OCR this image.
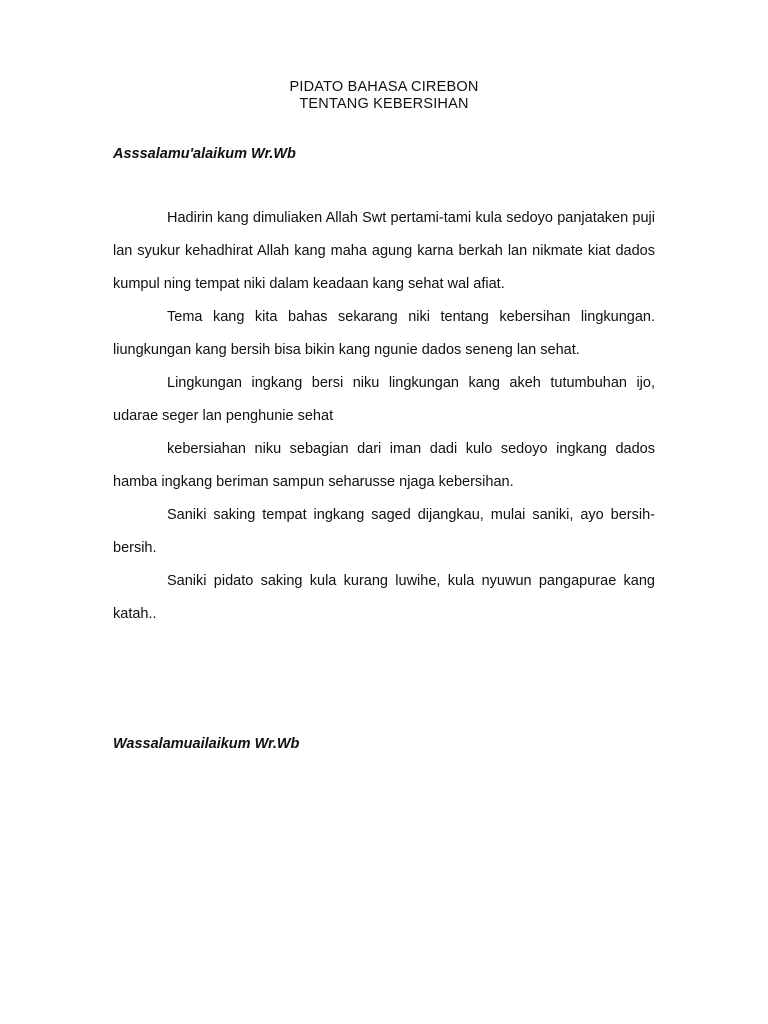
PIDATO BAHASA CIREBON
TENTANG KEBERSIHAN
Asssalamu'alaikum Wr.Wb

Hadirin kang dimuliaken Allah Swt pertami-tami kula sedoyo panjataken puji lan syukur kehadhirat Allah kang maha agung karna berkah lan nikmate kiat dados kumpul ning tempat niki dalam keadaan kang sehat wal afiat.

Tema kang kita bahas sekarang niki tentang kebersihan lingkungan. liungkungan kang bersih bisa bikin kang ngunie dados seneng lan sehat.

Lingkungan ingkang bersi niku lingkungan kang akeh tutumbuhan ijo, udarae seger lan penghunie sehat

kebersiahan niku sebagian dari iman dadi kulo sedoyo ingkang dados hamba ingkang beriman sampun seharusse njaga kebersihan.

Saniki saking tempat ingkang saged dijangkau, mulai saniki, ayo bersih-bersih.

Saniki pidato saking kula kurang luwihe, kula nyuwun pangapurae kang katah..

Wassalamuailaikum Wr.Wb
